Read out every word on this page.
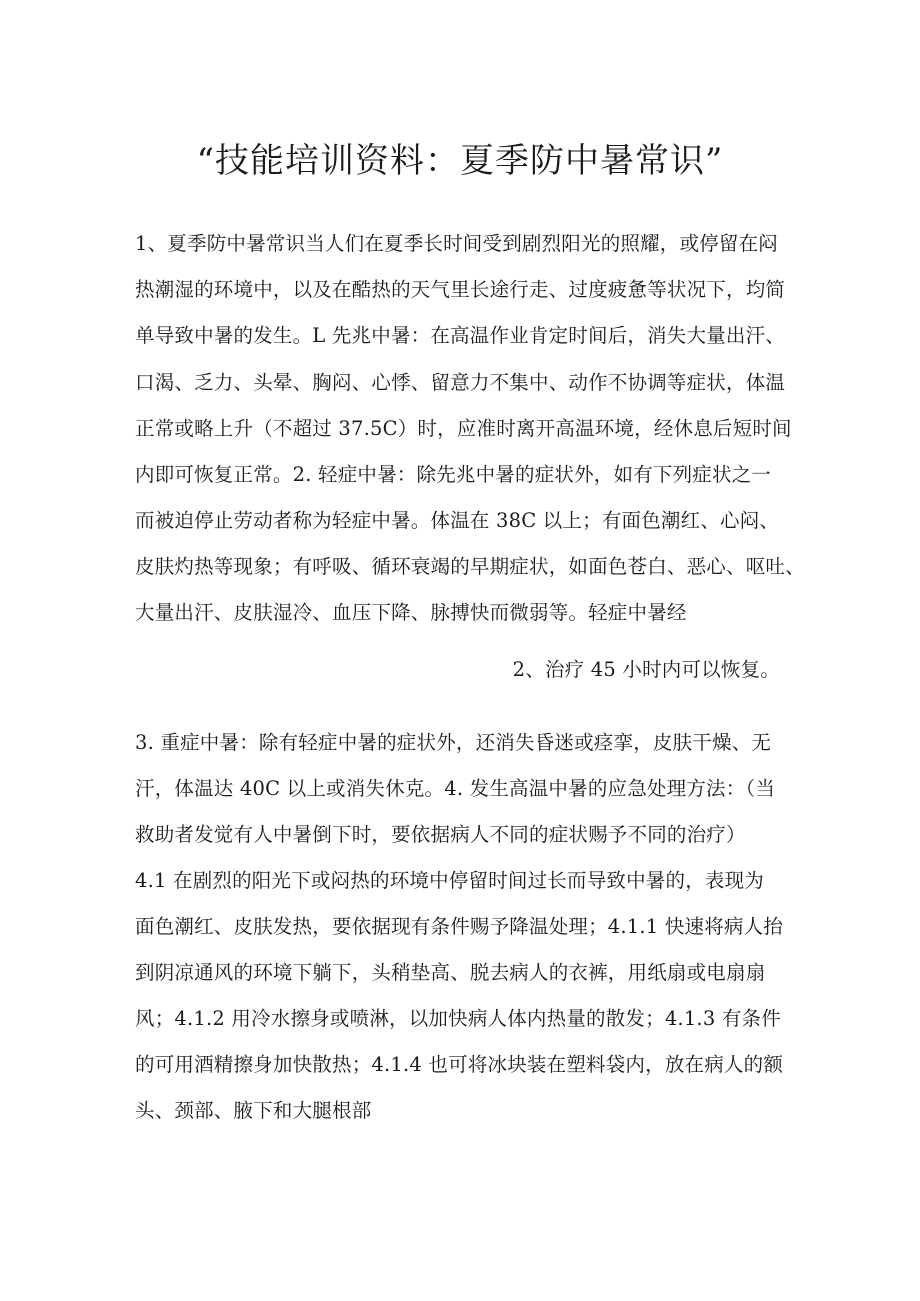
“技能培训资料：夏季防中暑常识”
1、夏季防中暑常识当人们在夏季长时间受到剧烈阳光的照耀，或停留在闷
热潮湿的环境中，以及在酷热的天气里长途行走、过度疲惫等状况下，均简
单导致中暑的发生。L 先兆中暑：在高温作业肯定时间后，消失大量出汗、
口渴、乏力、头晕、胸闷、心悸、留意力不集中、动作不协调等症状，体温
正常或略上升（不超过 37.5C）时，应准时离开高温环境，经休息后短时间
内即可恢复正常。2. 轻症中暑：除先兆中暑的症状外，如有下列症状之一
而被迫停止劳动者称为轻症中暑。体温在 38C 以上；有面色潮红、心闷、
皮肤灼热等现象；有呼吸、循环衰竭的早期症状，如面色苍白、恶心、呕吐、
大量出汗、皮肤湿冷、血压下降、脉搏快而微弱等。轻症中暑经
2、治疗 45 小时内可以恢复。
3. 重症中暑：除有轻症中暑的症状外，还消失昏迷或痉挛，皮肤干燥、无
汗，体温达 40C 以上或消失休克。4. 发生高温中暑的应急处理方法：（当
救助者发觉有人中暑倒下时，要依据病人不同的症状赐予不同的治疗）
4.1 在剧烈的阳光下或闷热的环境中停留时间过长而导致中暑的，表现为
面色潮红、皮肤发热，要依据现有条件赐予降温处理；4.1.1 快速将病人抬
到阴凉通风的环境下躺下，头稍垫高、脱去病人的衣裤，用纸扇或电扇扇
风；4.1.2 用冷水擦身或喷淋，以加快病人体内热量的散发；4.1.3 有条件
的可用酒精擦身加快散热；4.1.4 也可将冰块装在塑料袋内，放在病人的额
头、颈部、腋下和大腿根部
